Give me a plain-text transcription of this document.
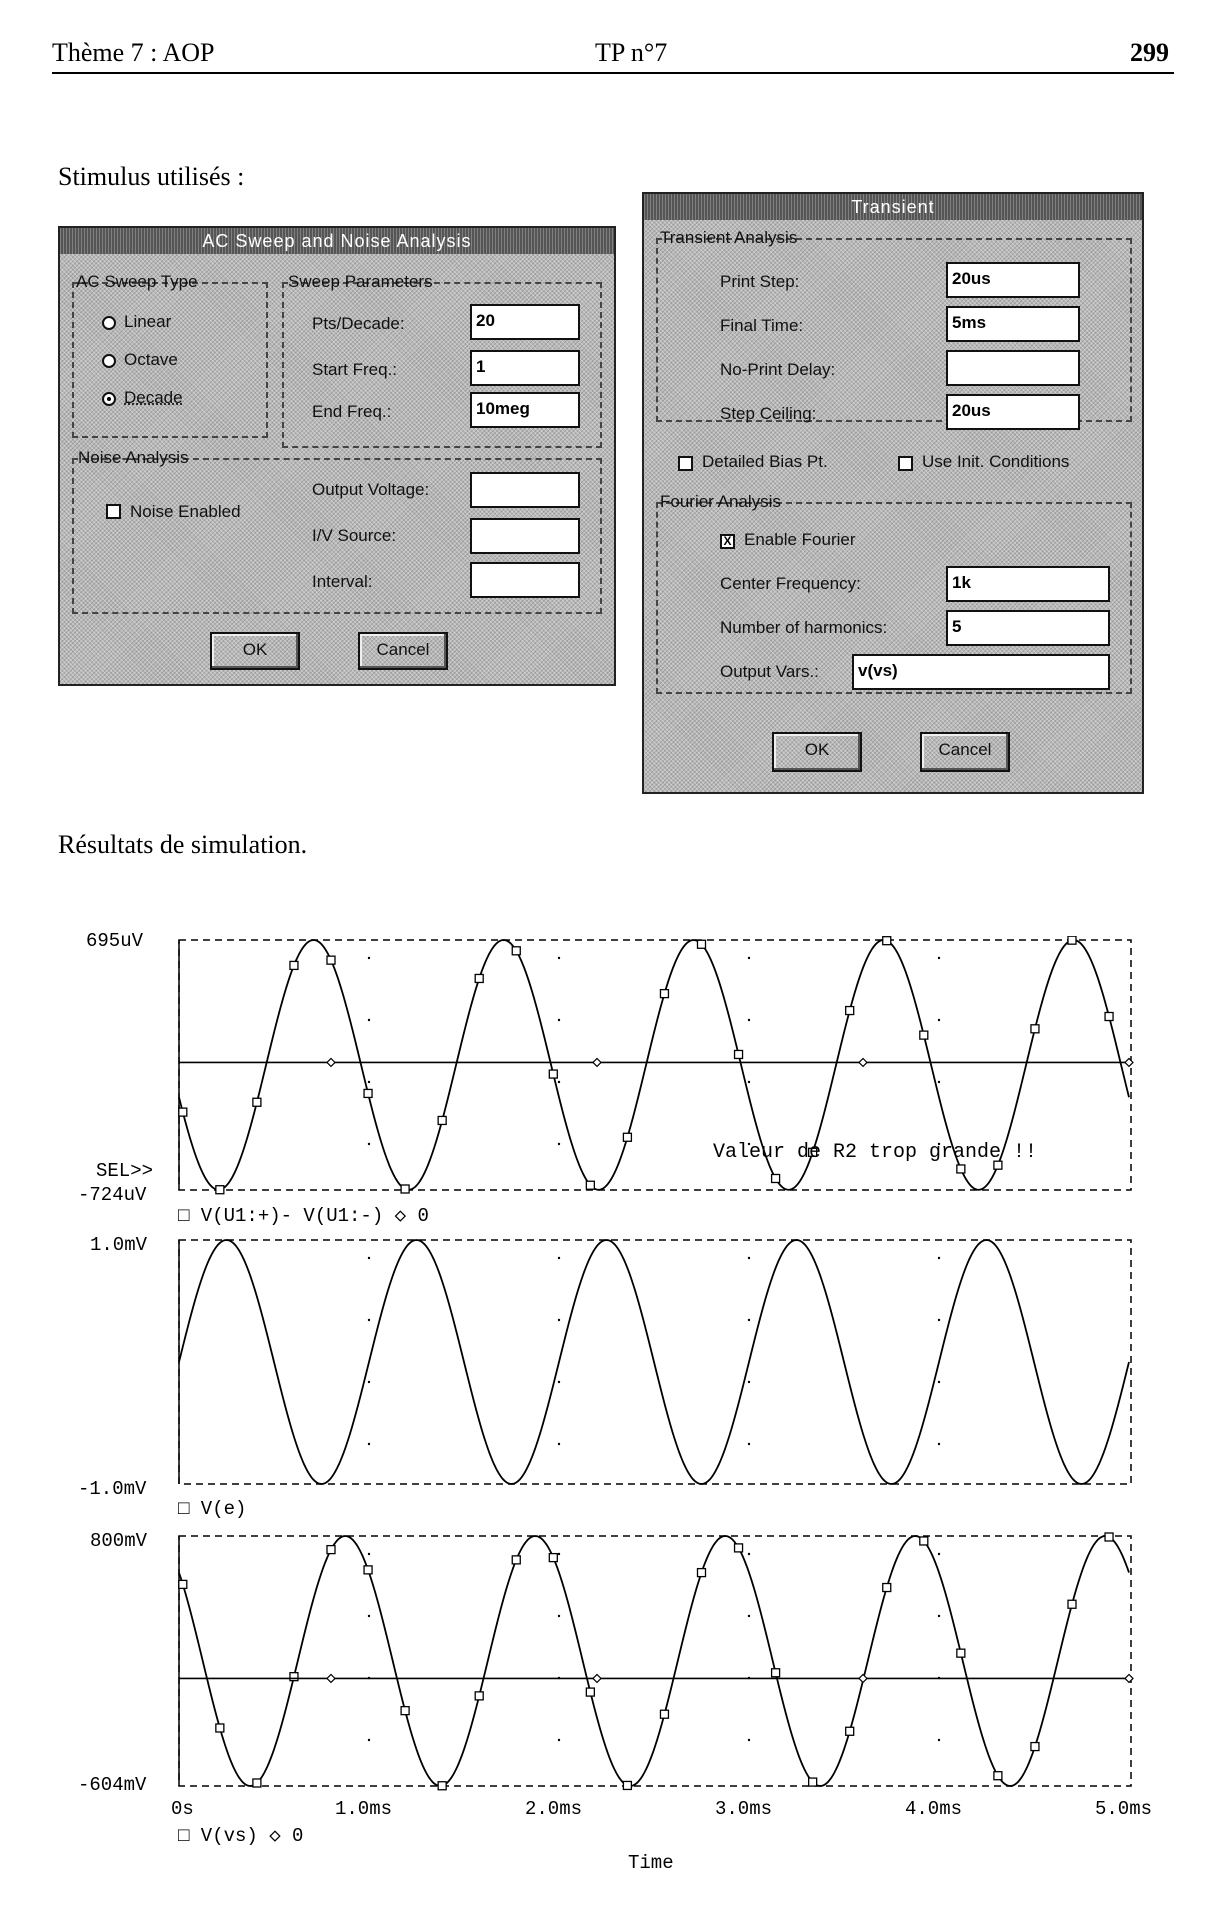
Thème 7 : AOP	TP n°7	299
Stimulus utilisés :
AC Sweep and Noise Analysis
AC Sweep Type
Linear
Octave
Decade
Sweep Parameters
Pts/Decade:	20
Start Freq.:	1
End Freq.:	10meg
Noise Analysis
Noise Enabled
Output Voltage:
I/V Source:
Interval:
OK	Cancel
Transient
Transient Analysis
Print Step:	20us
Final Time:	5ms
No-Print Delay:
Step Ceiling:	20us
Detailed Bias Pt.	Use Init. Conditions
Fourier Analysis
X Enable Fourier
Center Frequency:	1k
Number of harmonics:	5
Output Vars.:	v(vs)
OK	Cancel
Résultats de simulation.
695uV
SEL>>
-724uV
□ V(U1:+)- V(U1:-) ◇ 0
Valeur de R2 trop grande !!
1.0mV
-1.0mV
□ V(e)
800mV
-604mV
0s	1.0ms	2.0ms	3.0ms	4.0ms	5.0ms
□ V(vs) ◇ 0
Time
